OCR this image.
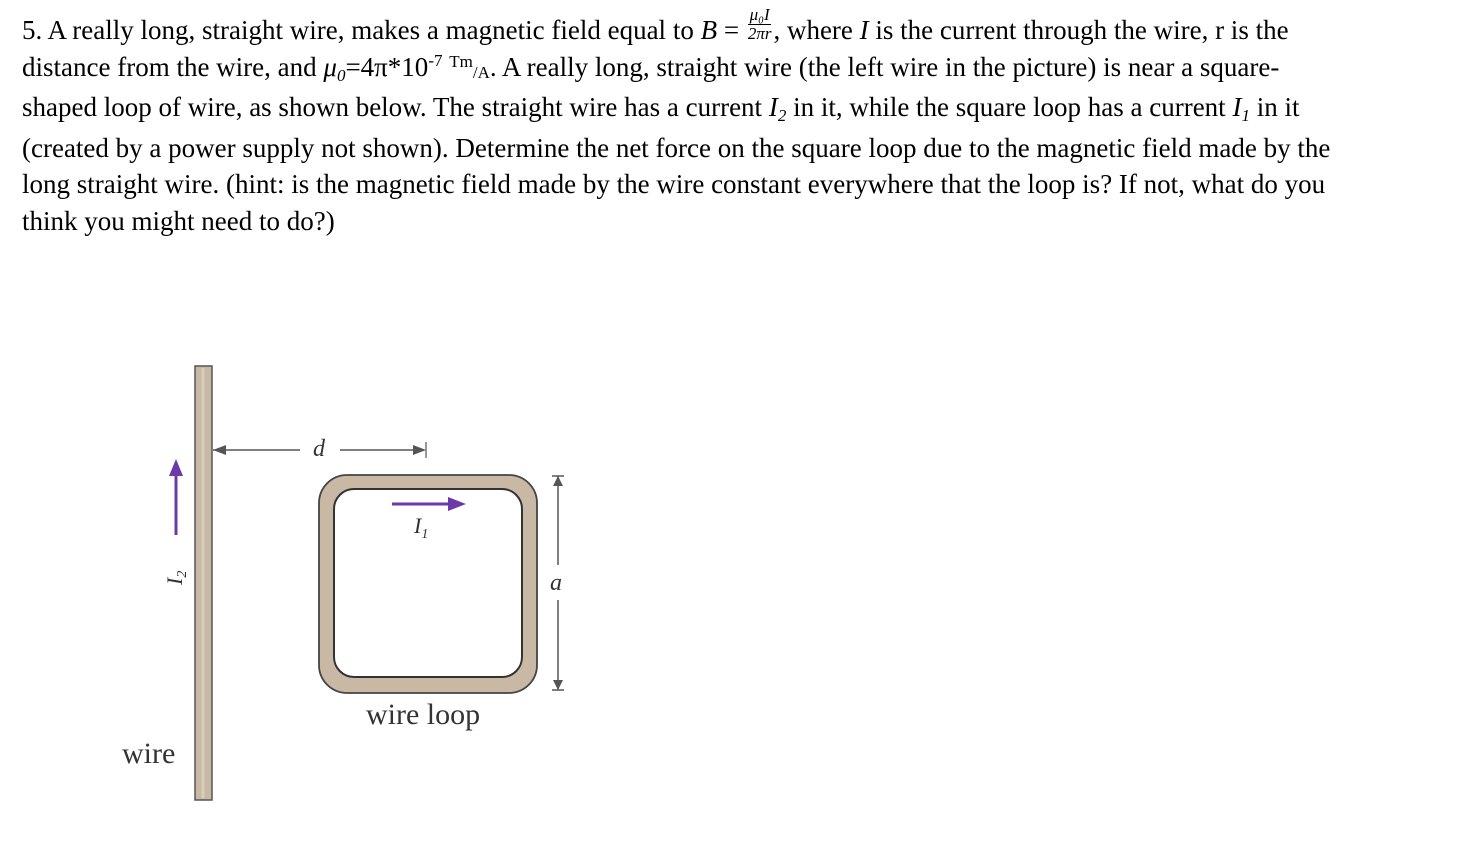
5. A really long, straight wire, makes a magnetic field equal to $B = \frac{\text{μ₀I}}{2\pi r}$ , where I is the current through the wire, r is the
distance from the wire, and $\mu 0=4\pi*10^{-7}$ Tm/A. A really long, straight wire (the left wire in the picture) is near a square-
shaped loop of wire, as shown below. The straight wire has a current I2 in it, while the square loop has a current I1 in it
(created by a power supply not shown). Determine the net force on the square loop due to the magnetic field made by the
long straight wire. (hint: is the magnetic field made by the wire constant everywhere that the loop is? If not, what do you
think you might need to do?)
I2
d
$I_1$
a
wire loop
wire
